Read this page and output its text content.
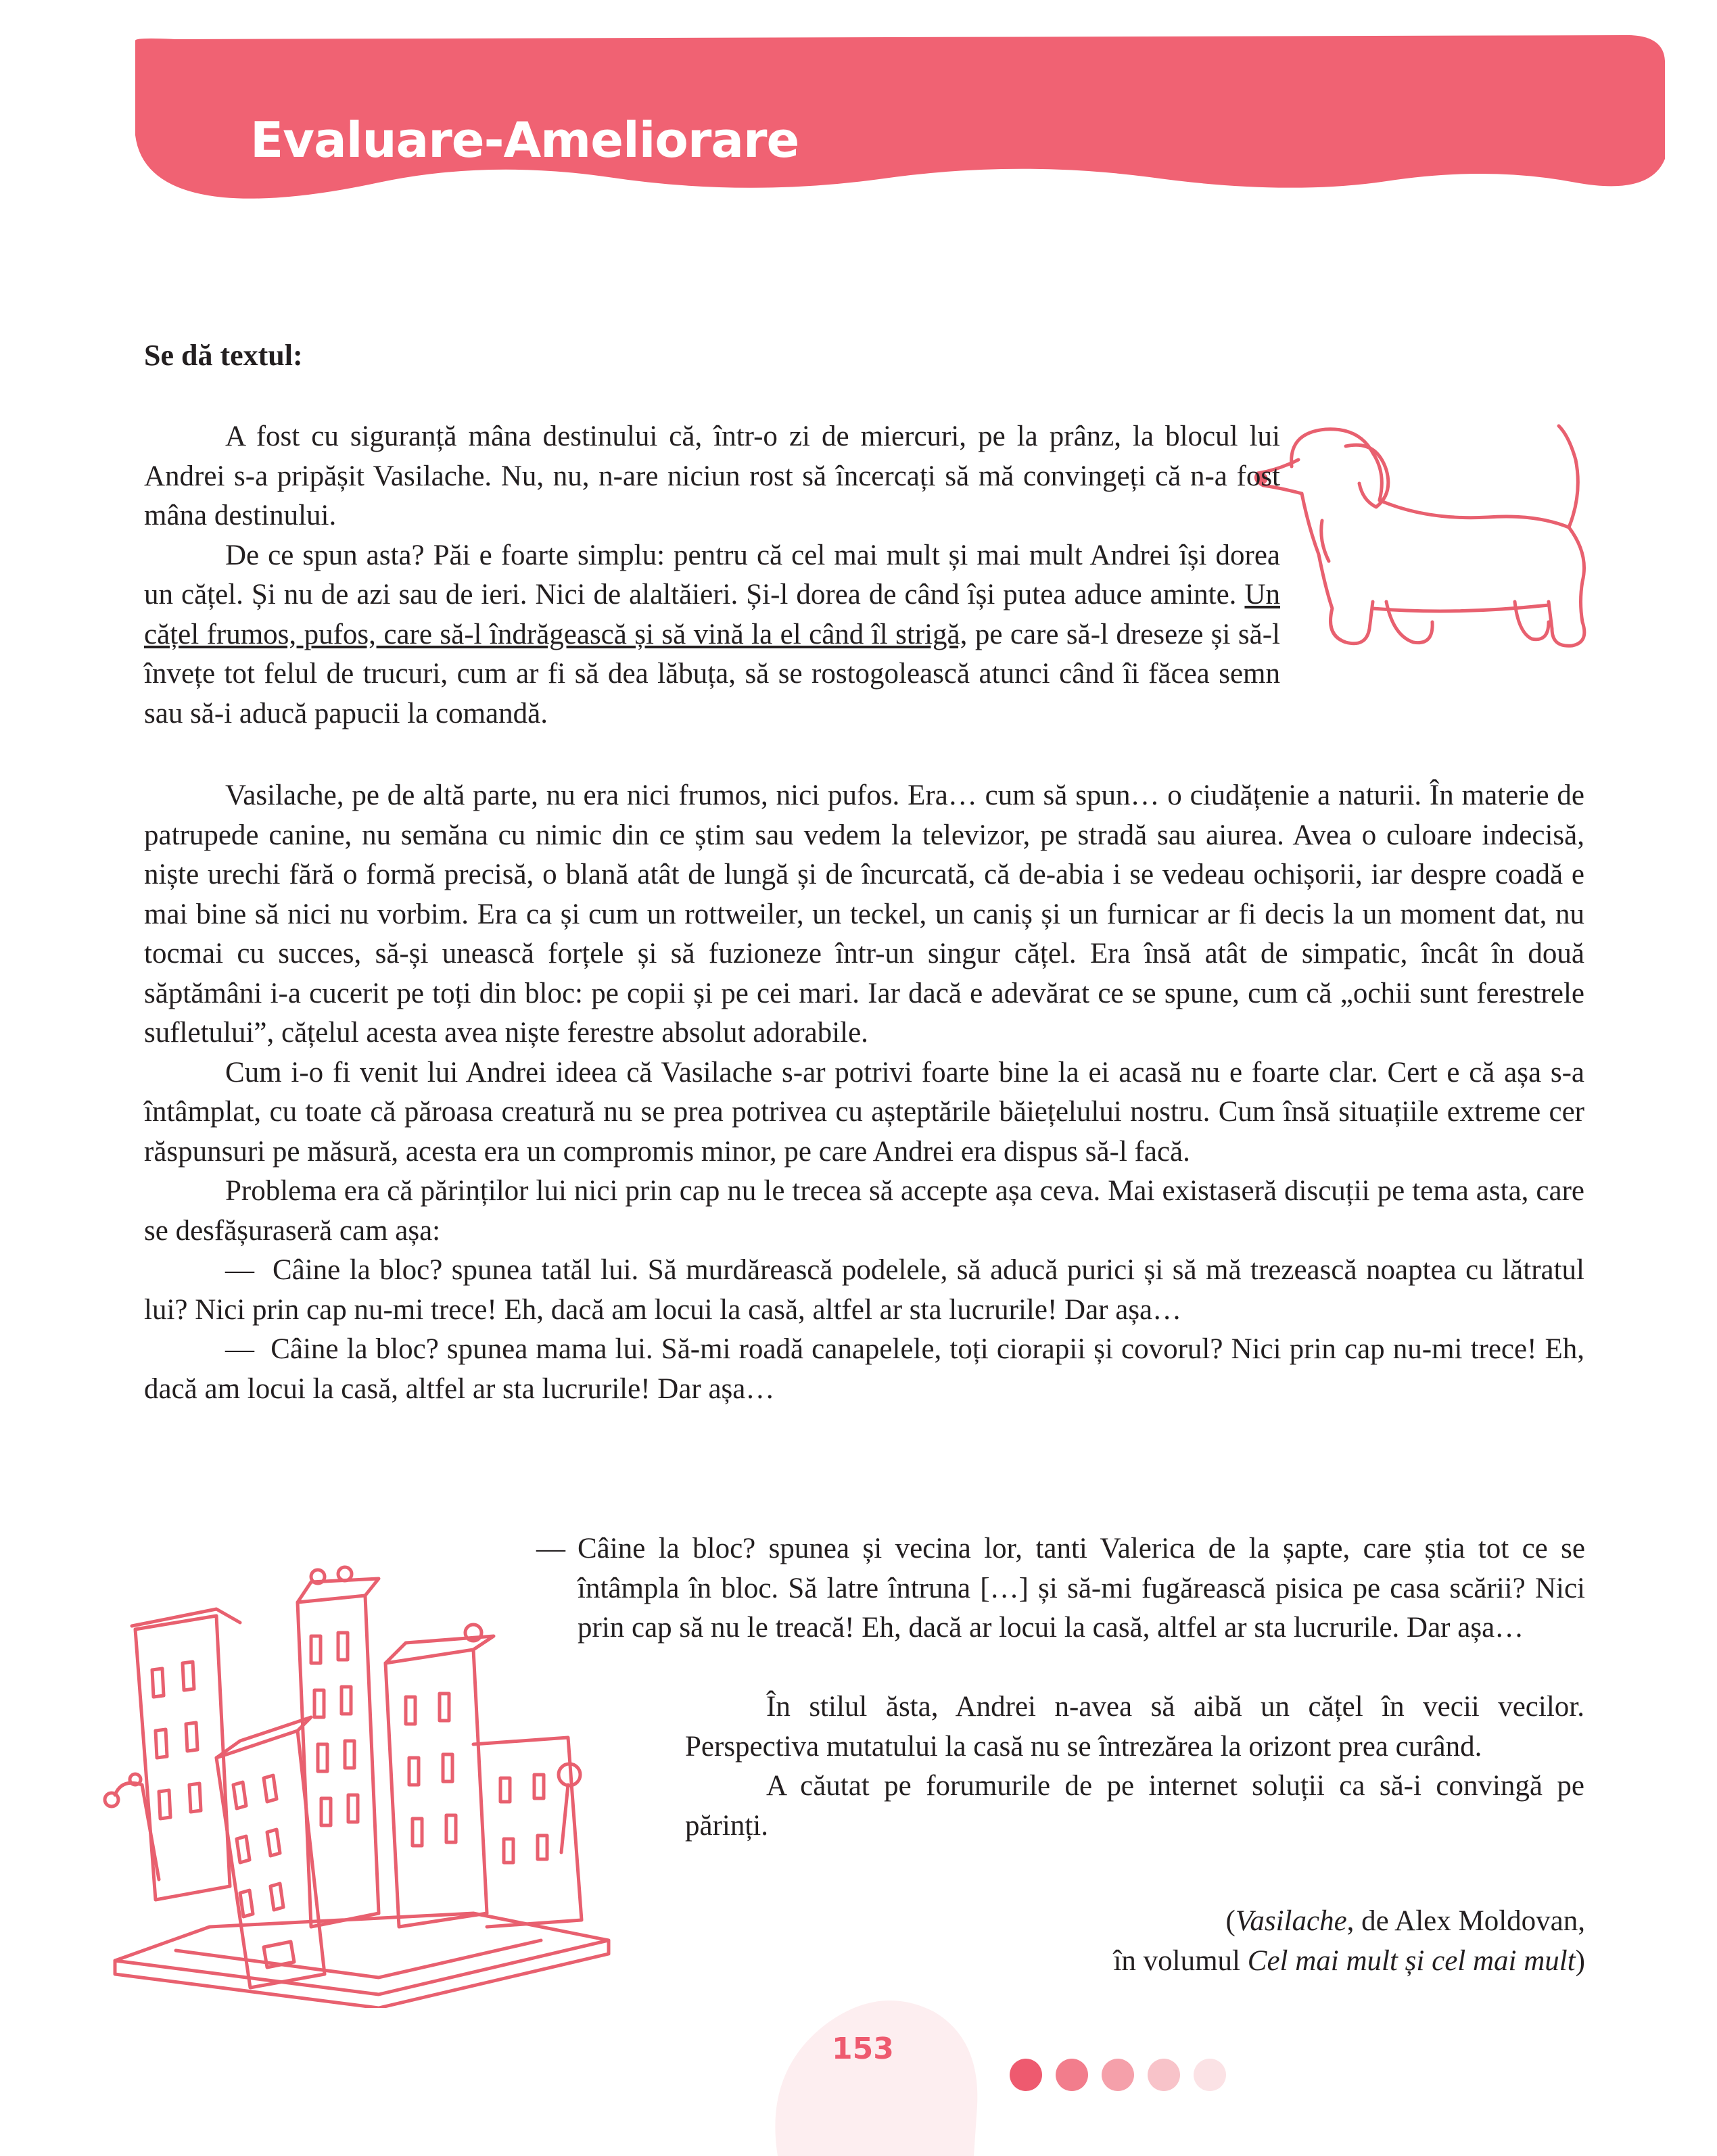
Evaluare-Ameliorare

Se dă textul:

A fost cu siguranță mâna destinului că, într-o zi de miercuri, pe la prânz, la blocul lui Andrei s-a pripășit Vasilache. Nu, nu, n-are niciun rost să încercați să mă convingeți că n-a fost mâna destinului.

De ce spun asta? Păi e foarte simplu: pentru că cel mai mult și mai mult Andrei își dorea un cățel. Și nu de azi sau de ieri. Nici de alaltăieri. Și-l dorea de când își putea aduce aminte. Un cățel frumos, pufos, care să-l îndrăgească și să vină la el când îl strigă, pe care să-l dreseze și să-l învețe tot felul de trucuri, cum ar fi să dea lăbuța, să se rostogolească atunci când îi făcea semn sau să-i aducă papucii la comandă.

Vasilache, pe de altă parte, nu era nici frumos, nici pufos. Era… cum să spun… o ciudățenie a naturii. În materie de patrupede canine, nu semăna cu nimic din ce știm sau vedem la televizor, pe stradă sau aiurea. Avea o culoare indecisă, niște urechi fără o formă precisă, o blană atât de lungă și de încurcată, că de-abia i se vedeau ochișorii, iar despre coadă e mai bine să nici nu vorbim. Era ca și cum un rottweiler, un teckel, un caniș și un furnicar ar fi decis la un moment dat, nu tocmai cu succes, să-și unească forțele și să fuzioneze într-un singur cățel. Era însă atât de simpatic, încât în două săptămâni i-a cucerit pe toți din bloc: pe copii și pe cei mari. Iar dacă e adevărat ce se spune, cum că „ochii sunt ferestrele sufletului”, cățelul acesta avea niște ferestre absolut adorabile.

Cum i-o fi venit lui Andrei ideea că Vasilache s-ar potrivi foarte bine la ei acasă nu e foarte clar. Cert e că așa s-a întâmplat, cu toate că păroasa creatură nu se prea potrivea cu așteptările băiețelului nostru. Cum însă situațiile extreme cer răspunsuri pe măsură, acesta era un compromis minor, pe care Andrei era dispus să-l facă.

Problema era că părinților lui nici prin cap nu le trecea să accepte așa ceva. Mai existaseră discuții pe tema asta, care se desfășuraseră cam așa:

— Câine la bloc? spunea tatăl lui. Să murdărească podelele, să aducă purici și să mă trezească noaptea cu lătratul lui? Nici prin cap nu-mi trece! Eh, dacă am locui la casă, altfel ar sta lucrurile! Dar așa…

— Câine la bloc? spunea mama lui. Să-mi roadă canapelele, toți ciorapii și covorul? Nici prin cap nu-mi trece! Eh, dacă am locui la casă, altfel ar sta lucrurile! Dar așa…

— Câine la bloc? spunea și vecina lor, tanti Valerica de la șapte, care știa tot ce se întâmpla în bloc. Să latre întruna […] și să-mi fugărească pisica pe casa scării? Nici prin cap să nu le treacă! Eh, dacă ar locui la casă, altfel ar sta lucrurile. Dar așa…

În stilul ăsta, Andrei n-avea să aibă un cățel în vecii vecilor. Perspectiva mutatului la casă nu se întrezărea la orizont prea curând.

A căutat pe forumurile de pe internet soluții ca să-i convingă pe părinți.

(Vasilache, de Alex Moldovan,
în volumul Cel mai mult și cel mai mult)

153
